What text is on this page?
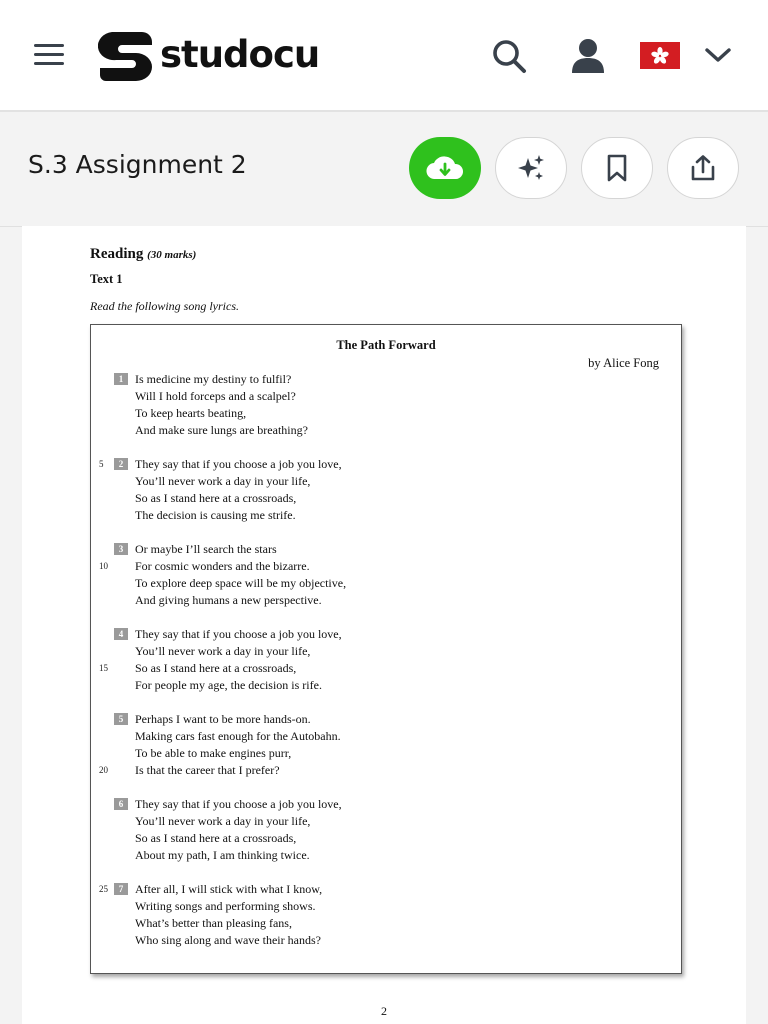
studocu
S.3 Assignment 2
Reading (30 marks)
Text 1
Read the following song lyrics.
The Path Forward
by Alice Fong
1 Is medicine my destiny to fulfil?
Will I hold forceps and a scalpel?
To keep hearts beating,
And make sure lungs are breathing?
2 They say that if you choose a job you love,
You’ll never work a day in your life,
So as I stand here at a crossroads,
The decision is causing me strife.
3 Or maybe I’ll search the stars
For cosmic wonders and the bizarre.
To explore deep space will be my objective,
And giving humans a new perspective.
4 They say that if you choose a job you love,
You’ll never work a day in your life,
So as I stand here at a crossroads,
For people my age, the decision is rife.
5 Perhaps I want to be more hands-on.
Making cars fast enough for the Autobahn.
To be able to make engines purr,
Is that the career that I prefer?
6 They say that if you choose a job you love,
You’ll never work a day in your life,
So as I stand here at a crossroads,
About my path, I am thinking twice.
7 After all, I will stick with what I know,
Writing songs and performing shows.
What’s better than pleasing fans,
Who sing along and wave their hands?
5
10
15
20
25
2
